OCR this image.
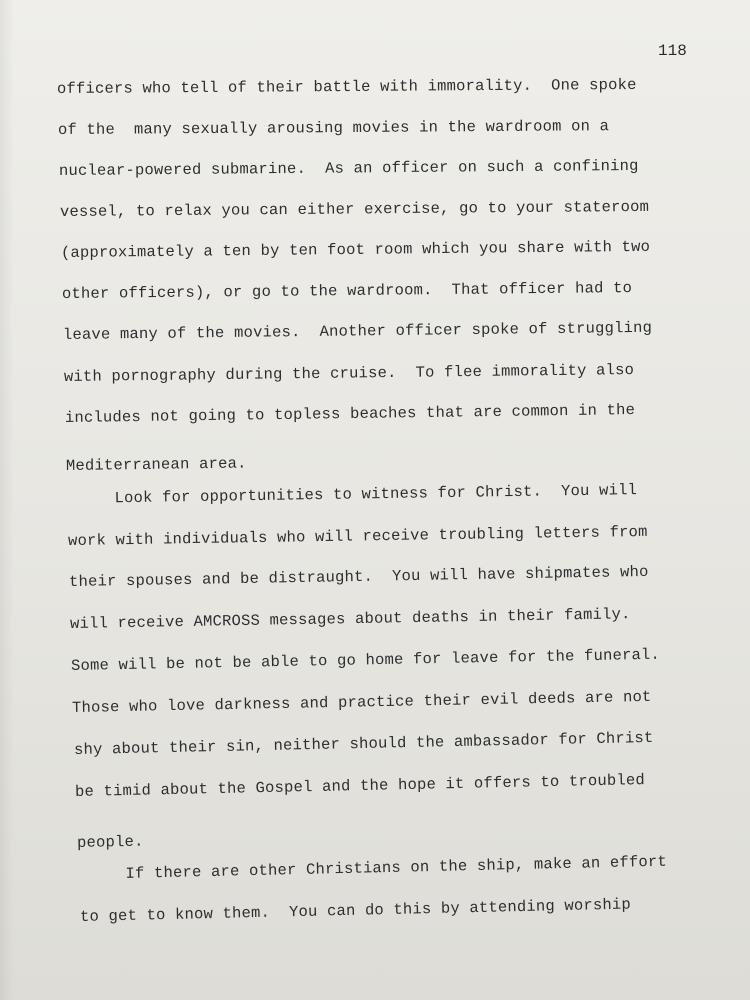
118
officers who tell of their battle with immorality.  One spoke
of the  many sexually arousing movies in the wardroom on a
nuclear-powered submarine.  As an officer on such a confining
vessel, to relax you can either exercise, go to your stateroom
(approximately a ten by ten foot room which you share with two
other officers), or go to the wardroom.  That officer had to
leave many of the movies.  Another officer spoke of struggling
with pornography during the cruise.  To flee immorality also
includes not going to topless beaches that are common in the
Mediterranean area.
Look for opportunities to witness for Christ.  You will
work with individuals who will receive troubling letters from
their spouses and be distraught.  You will have shipmates who
will receive AMCROSS messages about deaths in their family.
Some will be not be able to go home for leave for the funeral.
Those who love darkness and practice their evil deeds are not
shy about their sin, neither should the ambassador for Christ
be timid about the Gospel and the hope it offers to troubled
people.
If there are other Christians on the ship, make an effort
to get to know them.  You can do this by attending worship
